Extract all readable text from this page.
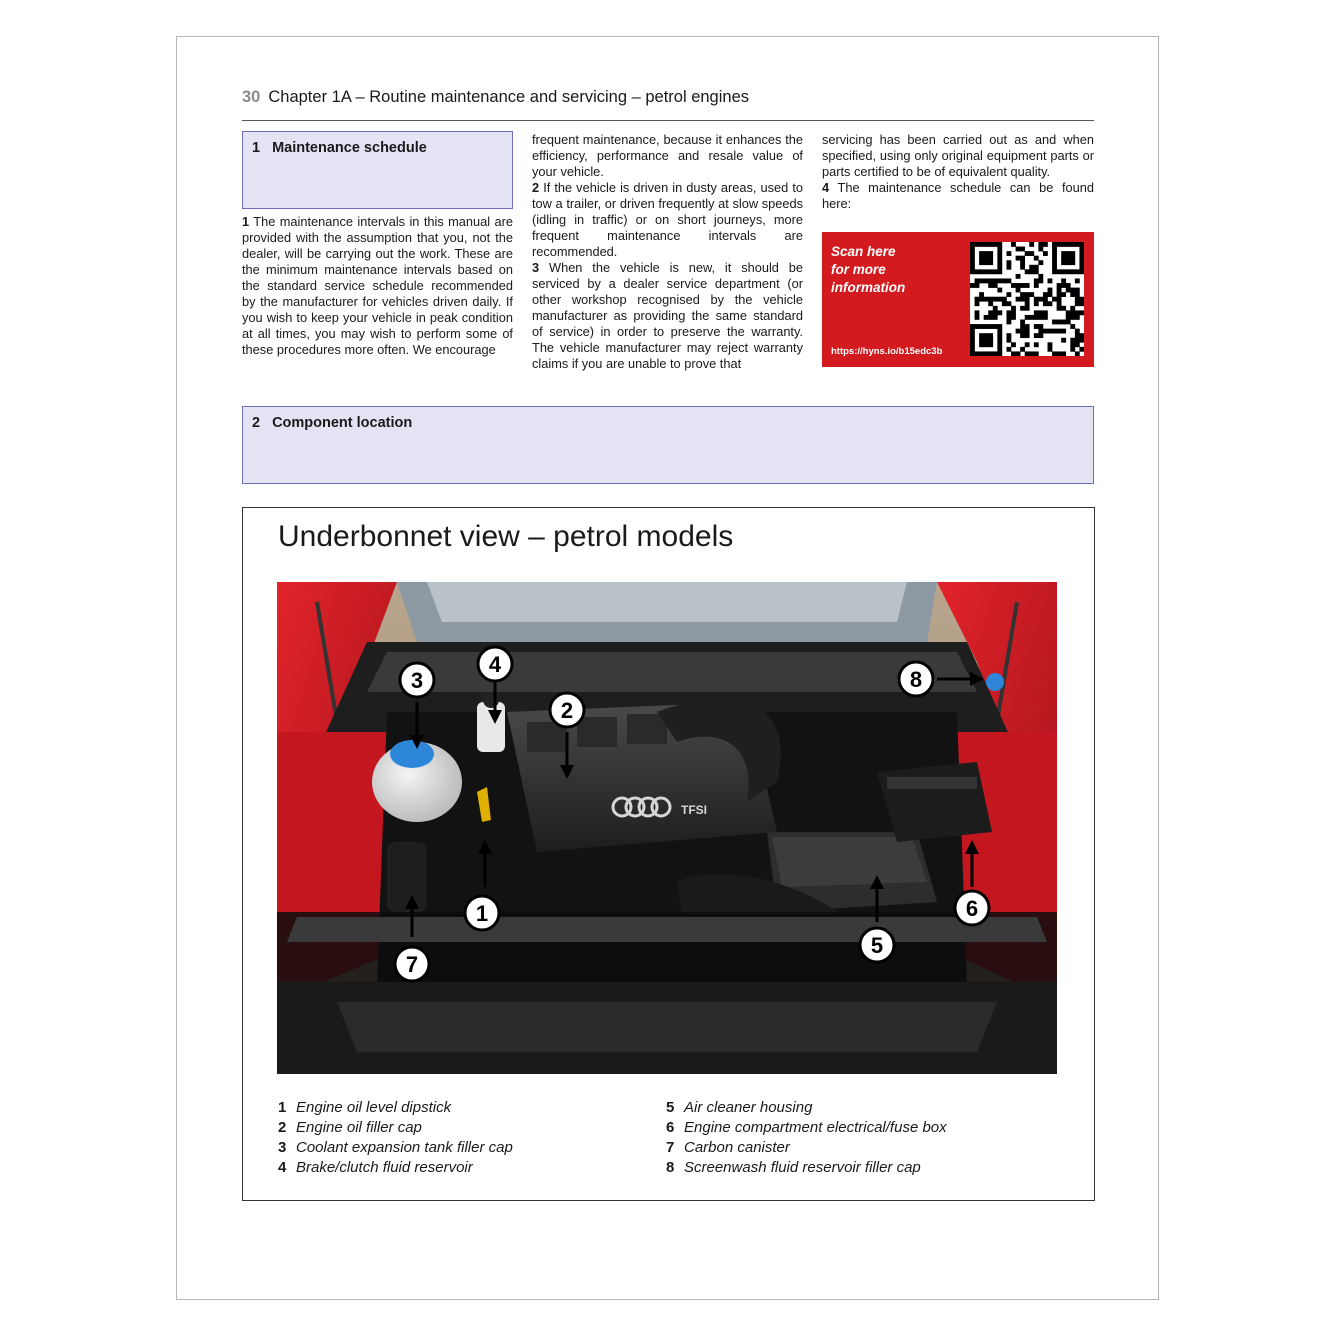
30 Chapter 1A – Routine maintenance and servicing – petrol engines
1 Maintenance schedule

1 The maintenance intervals in this manual are provided with the assumption that you, not the dealer, will be carrying out the work. These are the minimum maintenance intervals based on the standard service schedule recommended by the manufacturer for vehicles driven daily. If you wish to keep your vehicle in peak condition at all times, you may wish to perform some of these procedures more often. We encourage

frequent maintenance, because it enhances the efficiency, performance and resale value of your vehicle.

2 If the vehicle is driven in dusty areas, used to tow a trailer, or driven frequently at slow speeds (idling in traffic) or on short journeys, more frequent maintenance intervals are recommended.

3 When the vehicle is new, it should be serviced by a dealer service department (or other workshop recognised by the vehicle manufacturer as providing the same standard of service) in order to preserve the warranty. The vehicle manufacturer may reject warranty claims if you are unable to prove that

servicing has been carried out as and when specified, using only original equipment parts or parts certified to be of equivalent quality.

4 The maintenance schedule can be found here:

Scan here
for more
information
https://hyns.io/b15edc3b
2 Component location
Underbonnet view – petrol models
TFSI
1
2
3
4
5
6
7
8
1 Engine oil level dipstick
2 Engine oil filler cap
3 Coolant expansion tank filler cap
4 Brake/clutch fluid reservoir
5 Air cleaner housing
6 Engine compartment electrical/fuse box
7 Carbon canister
8 Screenwash fluid reservoir filler cap
